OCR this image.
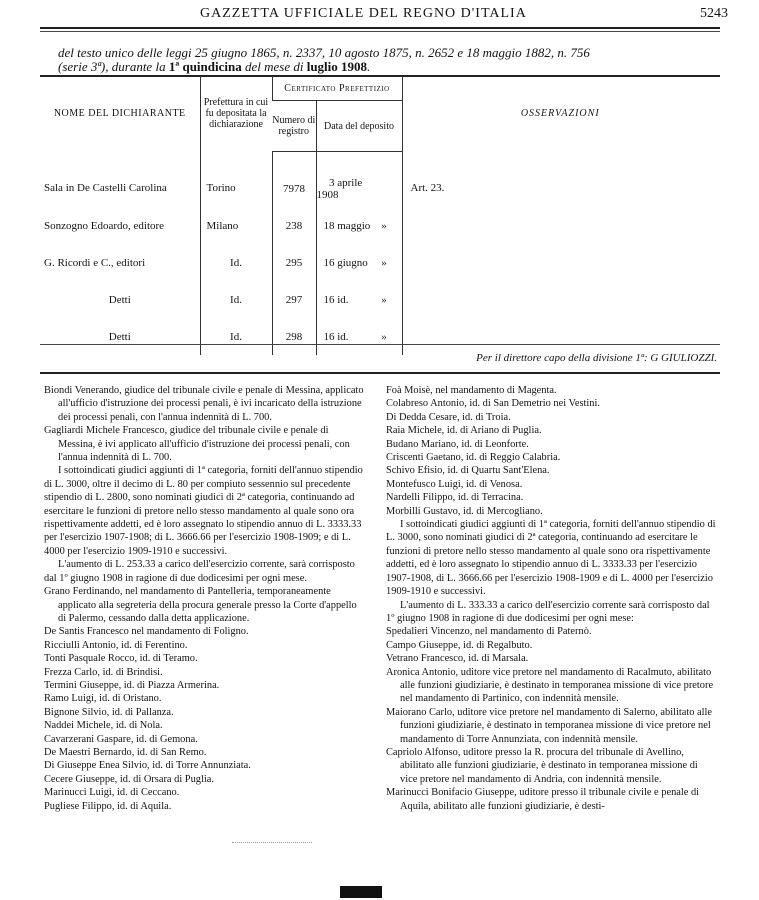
GAZZETTA UFFICIALE DEL REGNO D'ITALIA	5243
del testo unico delle leggi 25 giugno 1865, n. 2337, 10 agosto 1875, n. 2652 e 18 maggio 1882, n. 756
(serie 3ª), durante la 1ª quindicina del mese di luglio 1908.
NOME DEL DICHIARANTE	Prefettura in cui fu depositata la dichiarazione	Certificato Prefettizio		OSSERVAZIONI
		Numero di registro	Data del deposito	
Sala in De Castelli Carolina	Torino	7978	3 aprile1908	Art. 23.
Sonzogno Edoardo, editore	Milano	238	18 maggio »	
G. Ricordi e C., editori	Id.	295	16 giugno »	
Detti	Id.	297	16 id. »	
Detti	Id.	298	16 id. »	
Per il direttore capo della divisione 1ª: G GIULIOZZI.

Biondi Venerando, giudice del tribunale civile e penale di Messina, applicato all'ufficio d'istruzione dei processi penali, è ivi incaricato della istruzione dei processi penali, con l'annua indennità di L. 700.

Gagliardi Michele Francesco, giudice del tribunale civile e penale di Messina, è ivi applicato all'ufficio d'istruzione dei processi penali, con l'annua indennità di L. 700.

I sottoindicati giudici aggiunti di 1ª categoria, forniti dell'annuo stipendio di L. 3000, oltre il decimo di L. 80 per compiuto sessennio sul precedente stipendio di L. 2800, sono nominati giudici di 2ª categoria, continuando ad esercitare le funzioni di pretore nello stesso mandamento al quale sono ora rispettivamente addetti, ed è loro assegnato lo stipendio annuo di L. 3333.33 per l'esercizio 1907-1908; di L. 3666.66 per l'esercizio 1908-1909; e di L. 4000 per l'esercizio 1909-1910 e successivi.

L'aumento di L. 253.33 a carico dell'esercizio corrente, sarà corrisposto dal 1º giugno 1908 in ragione di due dodicesimi per ogni mese.

Grano Ferdinando, nel mandamento di Pantelleria, temporaneamente applicato alla segreteria della procura generale presso la Corte d'appello di Palermo, cessando dalla detta applicazione.

De Santis Francesco nel mandamento di Foligno.

Ricciulli Antonio, id. di Ferentino.

Tonti Pasquale Rocco, id. di Teramo.

Frezza Carlo, id. di Brindisi.

Termini Giuseppe, id. di Piazza Armerina.

Ramo Luigi, id. di Oristano.

Bignone Silvio, id. di Pallanza.

Naddei Michele, id. di Nola.

Cavarzerani Gaspare, id. di Gemona.

De Maestri Bernardo, id. di San Remo.

Di Giuseppe Enea Silvio, id. di Torre Annunziata.

Cecere Giuseppe, id. di Orsara di Puglia.

Marinucci Luigi, id. di Ceccano.

Pugliese Filippo, id. di Aquila.

Foà Moisè, nel mandamento di Magenta.

Colabreso Antonio, id. di San Demetrio nei Vestini.

Di Dedda Cesare, id. di Troia.

Raia Michele, id. di Ariano di Puglia.

Budano Mariano, id. di Leonforte.

Criscenti Gaetano, id. di Reggio Calabria.

Schivo Efisio, id. di Quartu Sant'Elena.

Montefusco Luigi, id. di Venosa.

Nardelli Filippo, id. di Terracina.

Morbilli Gustavo, id. di Mercogliano.

I sottoindicati giudici aggiunti di 1ª categoria, forniti dell'annuo stipendio di L. 3000, sono nominati giudici di 2ª categoria, continuando ad esercitare le funzioni di pretore nello stesso mandamento al quale sono ora rispettivamente addetti, ed è loro assegnato lo stipendio annuo di L. 3333.33 per l'esercizio 1907-1908, di L. 3666.66 per l'esercizio 1908-1909 e di L. 4000 per l'esercizio 1909-1910 e successivi.

L'aumento di L. 333.33 a carico dell'esercizio corrente sarà corrisposto dal 1º giugno 1908 in ragione di due dodicesimi per ogni mese:

Spedalieri Vincenzo, nel mandamento di Paternò.

Campo Giuseppe, id. di Regalbuto.

Vetrano Francesco, id. di Marsala.

Aronica Antonio, uditore vice pretore nel mandamento di Racalmuto, abilitato alle funzioni giudiziarie, è destinato in temporanea missione di vice pretore nel mandamento di Partinico, con indennità mensile.

Maiorano Carlo, uditore vice pretore nel mandamento di Salerno, abilitato alle funzioni giudiziarie, è destinato in temporanea missione di vice pretore nel mandamento di Torre Annunziata, con indennità mensile.

Capriolo Alfonso, uditore presso la R. procura del tribunale di Avellino, abilitato alle funzioni giudiziarie, è destinato in temporanea missione di vice pretore nel mandamento di Andria, con indennità mensile.

Marinucci Bonifacio Giuseppe, uditore presso il tribunale civile e penale di Aquila, abilitato alle funzioni giudiziarie, è desti-
